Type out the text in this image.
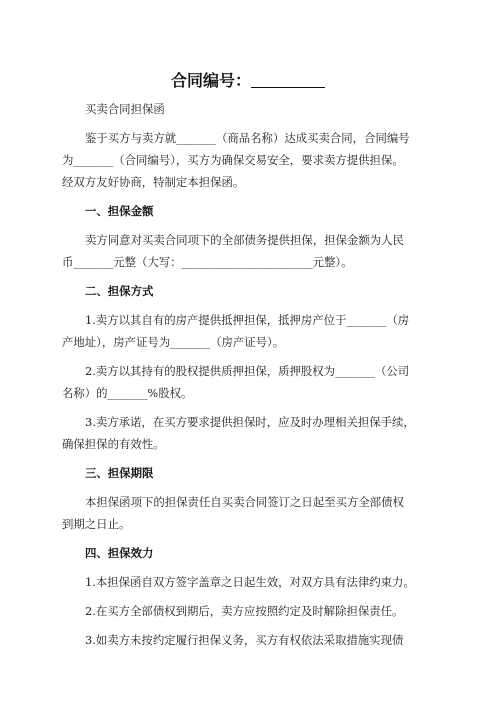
合同编号：
买卖合同担保函
鉴于买方与卖方就_______（商品名称）达成买卖合同，合同编号
为_______（合同编号），买方为确保交易安全，要求卖方提供担保。
经双方友好协商，特制定本担保函。
一、担保金额
卖方同意对买卖合同项下的全部债务提供担保，担保金额为人民
币_______元整（大写：_______________________元整）。
二、担保方式
1.卖方以其自有的房产提供抵押担保，抵押房产位于_______（房
产地址），房产证号为_______（房产证号）。
2.卖方以其持有的股权提供质押担保，质押股权为_______（公司
名称）的_______%股权。
3.卖方承诺，在买方要求提供担保时，应及时办理相关担保手续，
确保担保的有效性。
三、担保期限
本担保函项下的担保责任自买卖合同签订之日起至买方全部债权
到期之日止。
四、担保效力
1.本担保函自双方签字盖章之日起生效，对双方具有法律约束力。
2.在买方全部债权到期后，卖方应按照约定及时解除担保责任。
3.如卖方未按约定履行担保义务，买方有权依法采取措施实现债
